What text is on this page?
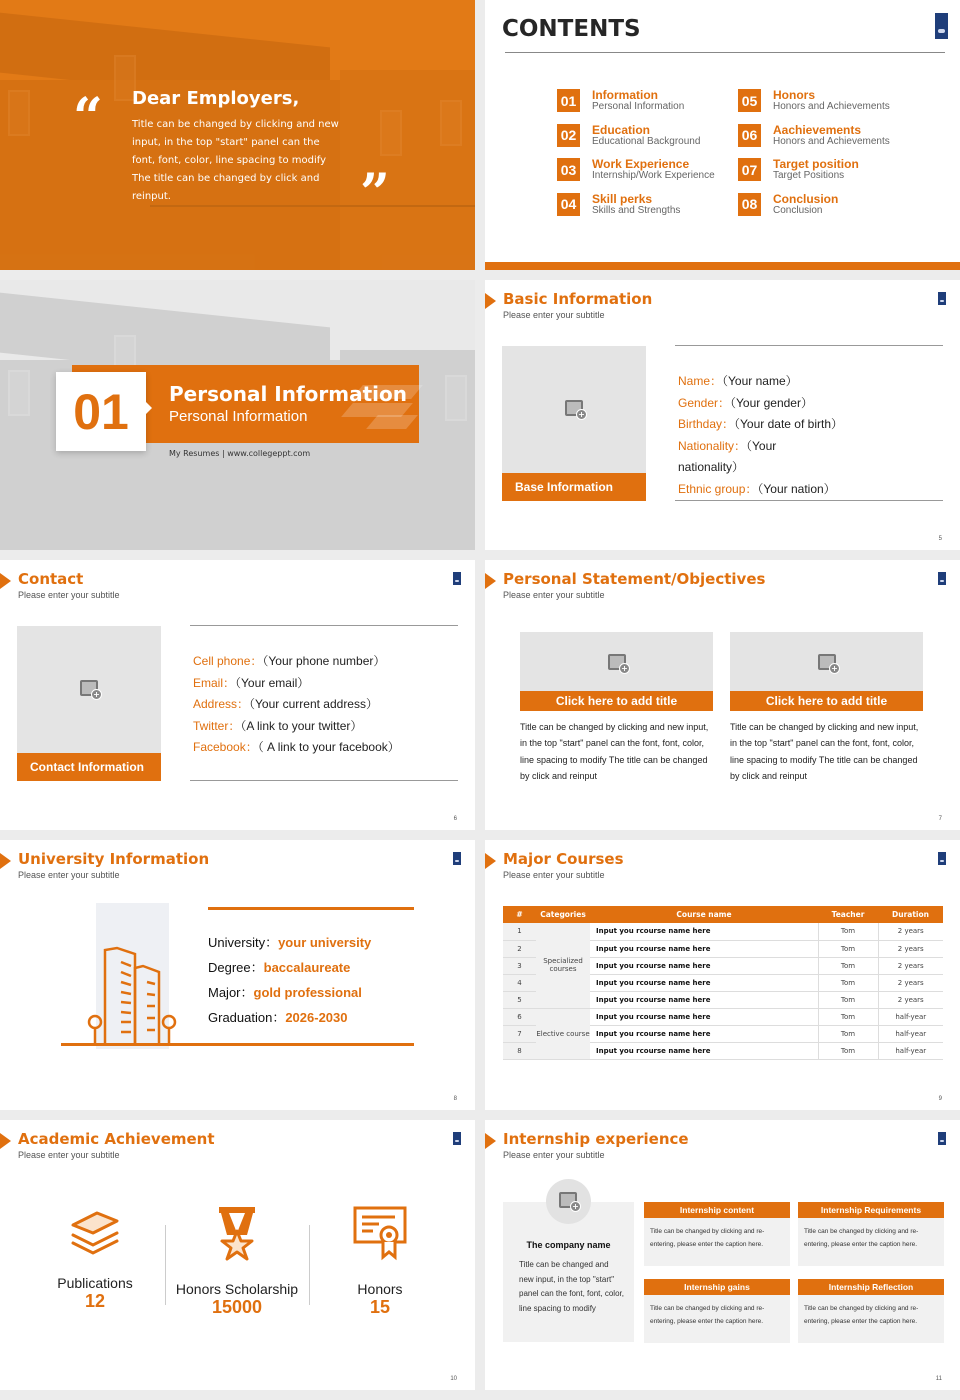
“ Dear Employers,

Title can be changed by clicking and new input, in the top "start" panel can the font, font, color, line spacing to modify The title can be changed by click and reinput.	”
CONTENTS
01	Information
Personal Information
02	Education
Educational Background
03	Work Experience
Internship/Work Experience
04	Skill perks
Skills and Strengths
05	Honors
Honors and Achievements
06	Aachievements
Honors and Achievements
07	Target position
Target Positions
08	Conclusion
Conclusion
01	Personal Information
Personal Information
My Resumes | www.collegeppt.com
Basic Information
Please enter your subtitle
+
Base Information
Name：（Your name）
Gender：（Your gender）
Birthday：（Your date of birth）
Nationality：（Your
nationality）
Ethnic group：（Your nation）
5
Contact
Please enter your subtitle
+
Contact Information
Cell phone：（Your phone number）
Email：（Your email）
Address：（Your current address）
Twitter：（A link to your twitter）
Facebook：（ A link to your facebook）
6
Personal Statement/Objectives
Please enter your subtitle
+
Click here to add title
Title can be changed by clicking and new input, in the top "start" panel can the font, font, color, line spacing to modify The title can be changed by click and reinput
+
Click here to add title
Title can be changed by clicking and new input, in the top "start" panel can the font, font, color, line spacing to modify The title can be changed by click and reinput
7
University Information
Please enter your subtitle
University：your university
Degree：baccalaureate
Major：gold professional
Graduation：2026-2030
8
Major Courses
Please enter your subtitle
#	Categories	Course name	Teacher	Duration
1	Specialized courses	Input you rcourse name here	Tom	2 years
2		Input you rcourse name here	Tom	2 years
3		Input you rcourse name here	Tom	2 years
4		Input you rcourse name here	Tom	2 years
5		Input you rcourse name here	Tom	2 years
6	Elective course	Input you rcourse name here	Tom	half-year
7		Input you rcourse name here	Tom	half-year
8		Input you rcourse name here	Tom	half-year
9
Academic Achievement
Please enter your subtitle
Publications
12
Honors Scholarship
15000
Honors
15
10
Internship experience
Please enter your subtitle
+
The company name
Title can be changed and new input, in the top "start" panel can the font, font, color, line spacing to modify
Internship content
Title can be changed by clicking and re-entering, please enter the caption here.
Internship Requirements
Title can be changed by clicking and re-entering, please enter the caption here.
Internship gains
Title can be changed by clicking and re-entering, please enter the caption here.
Internship Reflection
Title can be changed by clicking and re-entering, please enter the caption here.
11
